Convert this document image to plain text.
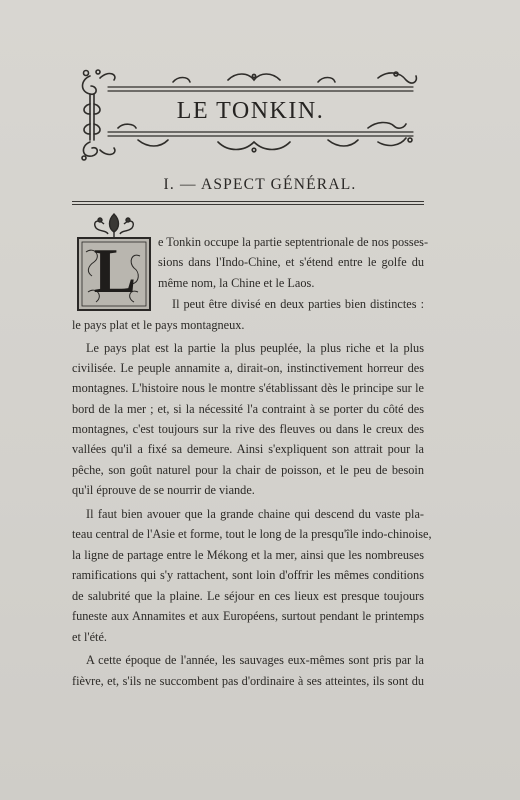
LE TONKIN.
I. — ASPECT GÉNÉRAL.
L	e Tonkin occupe la partie septentrionale de nos posses-
sions dans l'Indo-Chine, et s'étend entre le golfe du
même nom, la Chine et le Laos.
Il peut être divisé en deux parties bien distinctes :
le pays plat et le pays montagneux.
Le pays plat est la partie la plus peuplée, la plus riche et la plus
civilisée. Le peuple annamite a, dirait-on, instinctivement horreur des
montagnes. L'histoire nous le montre s'établissant dès le principe sur le
bord de la mer ; et, si la nécessité l'a contraint à se porter du côté des
montagnes, c'est toujours sur la rive des fleuves ou dans le creux des
vallées qu'il a fixé sa demeure. Ainsi s'expliquent son attrait pour la
pêche, son goût naturel pour la chair de poisson, et le peu de besoin
qu'il éprouve de se nourrir de viande.
Il faut bien avouer que la grande chaine qui descend du vaste pla-
teau central de l'Asie et forme, tout le long de la presqu'île indo-chinoise,
la ligne de partage entre le Mékong et la mer, ainsi que les nombreuses
ramifications qui s'y rattachent, sont loin d'offrir les mêmes conditions
de salubrité que la plaine. Le séjour en ces lieux est presque toujours
funeste aux Annamites et aux Européens, surtout pendant le printemps
et l'été.
A cette époque de l'année, les sauvages eux-mêmes sont pris par la
fièvre, et, s'ils ne succombent pas d'ordinaire à ses atteintes, ils sont du
